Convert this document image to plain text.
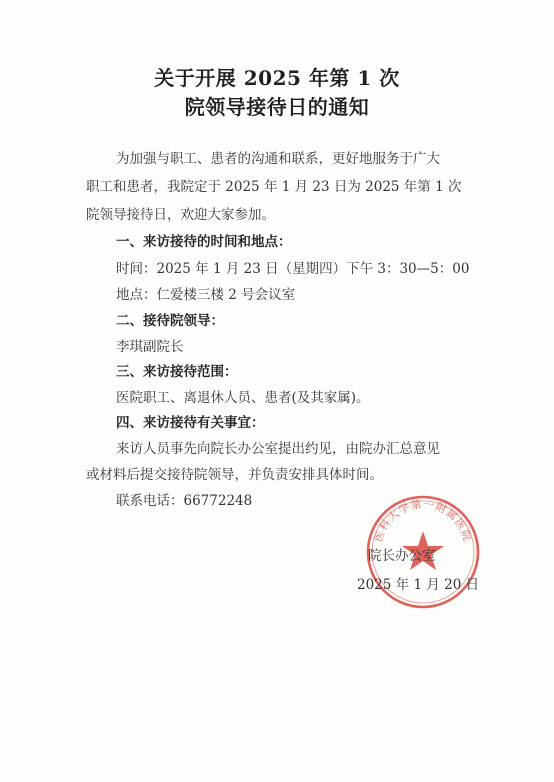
关于开展 2025 年第 1 次
院领导接待日的通知
为加强与职工、患者的沟通和联系，更好地服务于广大
职工和患者，我院定于 2025 年 1 月 23 日为 2025 年第 1 次
院领导接待日，欢迎大家参加。
一、来访接待的时间和地点：
时间：2025 年 1 月 23 日（星期四）下午 3：30—5：00
地点：仁爱楼三楼 2 号会议室
二、接待院领导：
李琪副院长
三、来访接待范围：
医院职工、离退休人员、患者(及其家属)。
四、来访接待有关事宜：
来访人员事先向院长办公室提出约见，由院办汇总意见
或材料后提交接待院领导，并负责安排具体时间。
联系电话：66772248
医科大学第一附属医院
院长办公室
2025 年 1 月 20 日
